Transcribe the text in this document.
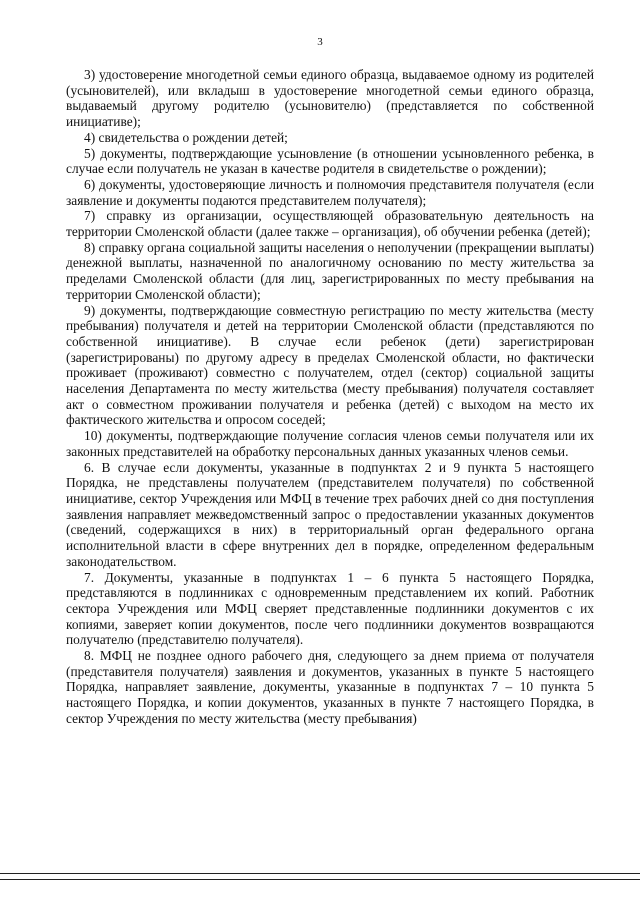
3

3) удостоверение многодетной семьи единого образца, выдаваемое одному из родителей (усыновителей), или вкладыш в удостоверение многодетной семьи единого образца, выдаваемый другому родителю (усыновителю) (представляется по собственной инициативе);

4) свидетельства о рождении детей;

5) документы, подтверждающие усыновление (в отношении усыновленного ребенка, в случае если получатель не указан в качестве родителя в свидетельстве о рождении);

6) документы, удостоверяющие личность и полномочия представителя получателя (если заявление и документы подаются представителем получателя);

7) справку из организации, осуществляющей образовательную деятельность на территории Смоленской области (далее также – организация), об обучении ребенка (детей);

8) справку органа социальной защиты населения о неполучении (прекращении выплаты) денежной выплаты, назначенной по аналогичному основанию по месту жительства за пределами Смоленской области (для лиц, зарегистрированных по месту пребывания на территории Смоленской области);

9) документы, подтверждающие совместную регистрацию по месту жительства (месту пребывания) получателя и детей на территории Смоленской области (представляются по собственной инициативе). В случае если ребенок (дети) зарегистрирован (зарегистрированы) по другому адресу в пределах Смоленской области, но фактически проживает (проживают) совместно с получателем, отдел (сектор) социальной защиты населения Департамента по месту жительства (месту пребывания) получателя составляет акт о совместном проживании получателя и ребенка (детей) с выходом на место их фактического жительства и опросом соседей;

10) документы, подтверждающие получение согласия членов семьи получателя или их законных представителей на обработку персональных данных указанных членов семьи.

6. В случае если документы, указанные в подпунктах 2 и 9 пункта 5 настоящего Порядка, не представлены получателем (представителем получателя) по собственной инициативе, сектор Учреждения или МФЦ в течение трех рабочих дней со дня поступления заявления направляет межведомственный запрос о предоставлении указанных документов (сведений, содержащихся в них) в территориальный орган федерального органа исполнительной власти в сфере внутренних дел в порядке, определенном федеральным законодательством.

7. Документы, указанные в подпунктах 1 – 6 пункта 5 настоящего Порядка, представляются в подлинниках с одновременным представлением их копий. Работник сектора Учреждения или МФЦ сверяет представленные подлинники документов с их копиями, заверяет копии документов, после чего подлинники документов возвращаются получателю (представителю получателя).

8. МФЦ не позднее одного рабочего дня, следующего за днем приема от получателя (представителя получателя) заявления и документов, указанных в пункте 5 настоящего Порядка, направляет заявление, документы, указанные в подпунктах 7 – 10 пункта 5 настоящего Порядка, и копии документов, указанных в пункте 7 настоящего Порядка, в сектор Учреждения по месту жительства (месту пребывания)
